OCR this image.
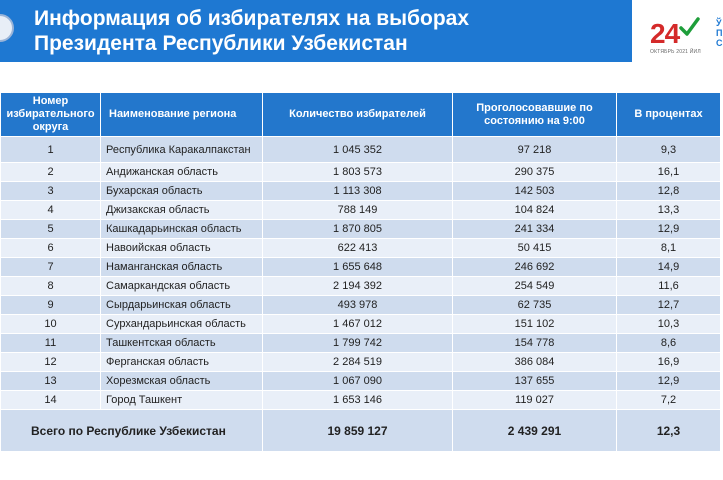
Информация об избирателях на выборах
Президента Республики Узбекистан	24	Ў
П
С
ОКТЯБРЬ 2021 ЙИЛ
Номер избирательного округа	Наименование региона	Количество избирателей	Проголосовавшие по состоянию на 9:00	В процентах
1	Республика Каракалпакстан	1 045 352	97 218	9,3
2	Андижанская область	1 803 573	290 375	16,1
3	Бухарская область	1 113 308	142 503	12,8
4	Джизакская область	788 149	104 824	13,3
5	Кашкадарьинская область	1 870 805	241 334	12,9
6	Навоийская область	622 413	50 415	8,1
7	Наманганская область	1 655 648	246 692	14,9
8	Самаркандская область	2 194 392	254 549	11,6
9	Сырдарьинская область	493 978	62 735	12,7
10	Сурхандарьинская область	1 467 012	151 102	10,3
11	Ташкентская область	1 799 742	154 778	8,6
12	Ферганская область	2 284 519	386 084	16,9
13	Хорезмская область	1 067 090	137 655	12,9
14	Город Ташкент	1 653 146	119 027	7,2
Всего по Республике Узбекистан		19 859 127	2 439 291	12,3
